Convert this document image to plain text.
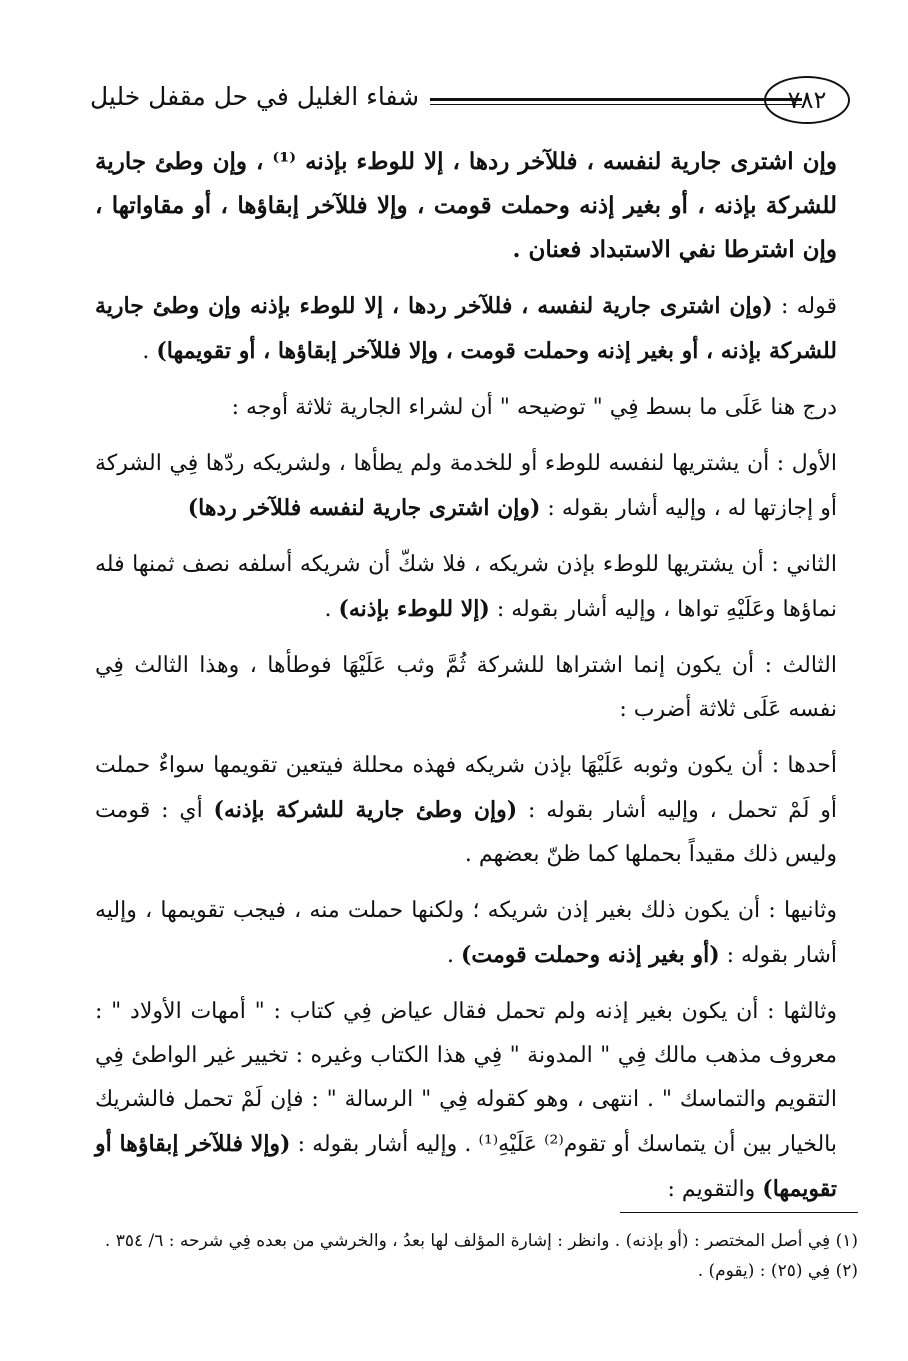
شفاء الغليل في حل مقفل خليل	٧٨٢

وإن اشترى جارية لنفسه ، فللآخر ردها ، إلا للوطء بإذنه ⁽¹⁾ ، وإن وطئ جارية للشركة بإذنه ، أو بغير إذنه وحملت قومت ، وإلا فللآخر إبقاؤها ، أو مقاواتها ، وإن اشترطا نفي الاستبداد فعنان .

قوله : (وإن اشترى جارية لنفسه ، فللآخر ردها ، إلا للوطء بإذنه وإن وطئ جارية للشركة بإذنه ، أو بغير إذنه وحملت قومت ، وإلا فللآخر إبقاؤها ، أو تقويمها) .

درج هنا عَلَى ما بسط فِي " توضيحه " أن لشراء الجارية ثلاثة أوجه :

الأول : أن يشتريها لنفسه للوطء أو للخدمة ولم يطأها ، ولشريكه ردّها فِي الشركة أو إجازتها له ، وإليه أشار بقوله : (وإن اشترى جارية لنفسه فللآخر ردها)

الثاني : أن يشتريها للوطء بإذن شريكه ، فلا شكّ أن شريكه أسلفه نصف ثمنها فله نماؤها وعَلَيْهِ تواها ، وإليه أشار بقوله : (إلا للوطء بإذنه) .

الثالث : أن يكون إنما اشتراها للشركة ثُمَّ وثب عَلَيْهَا فوطأها ، وهذا الثالث فِي نفسه عَلَى ثلاثة أضرب :

أحدها : أن يكون وثوبه عَلَيْهَا بإذن شريكه فهذه محللة فيتعين تقويمها سواءٌ حملت أو لَمْ تحمل ، وإليه أشار بقوله : (وإن وطئ جارية للشركة بإذنه) أي : قومت وليس ذلك مقيداً بحملها كما ظنّ بعضهم .

وثانيها : أن يكون ذلك بغير إذن شريكه ؛ ولكنها حملت منه ، فيجب تقويمها ، وإليه أشار بقوله : (أو بغير إذنه وحملت قومت) .

وثالثها : أن يكون بغير إذنه ولم تحمل فقال عياض فِي كتاب : " أمهات الأولاد " : معروف مذهب مالك فِي " المدونة " فِي هذا الكتاب وغيره : تخيير غير الواطئ فِي التقويم والتماسك " . انتهى ، وهو كقوله فِي " الرسالة " : فإن لَمْ تحمل فالشريك بالخيار بين أن يتماسك أو تقوم⁽²⁾ عَلَيْهِ⁽¹⁾ . وإليه أشار بقوله : (وإلا فللآخر إبقاؤها أو تقويمها) والتقويم :

(١) فِي أصل المختصر : (أو بإذنه) . وانظر : إشارة المؤلف لها بعدُ ، والخرشي من بعده فِي شرحه : ٦/ ٣٥٤ .

(٢) فِي (٢٥) : (يقوم) .
